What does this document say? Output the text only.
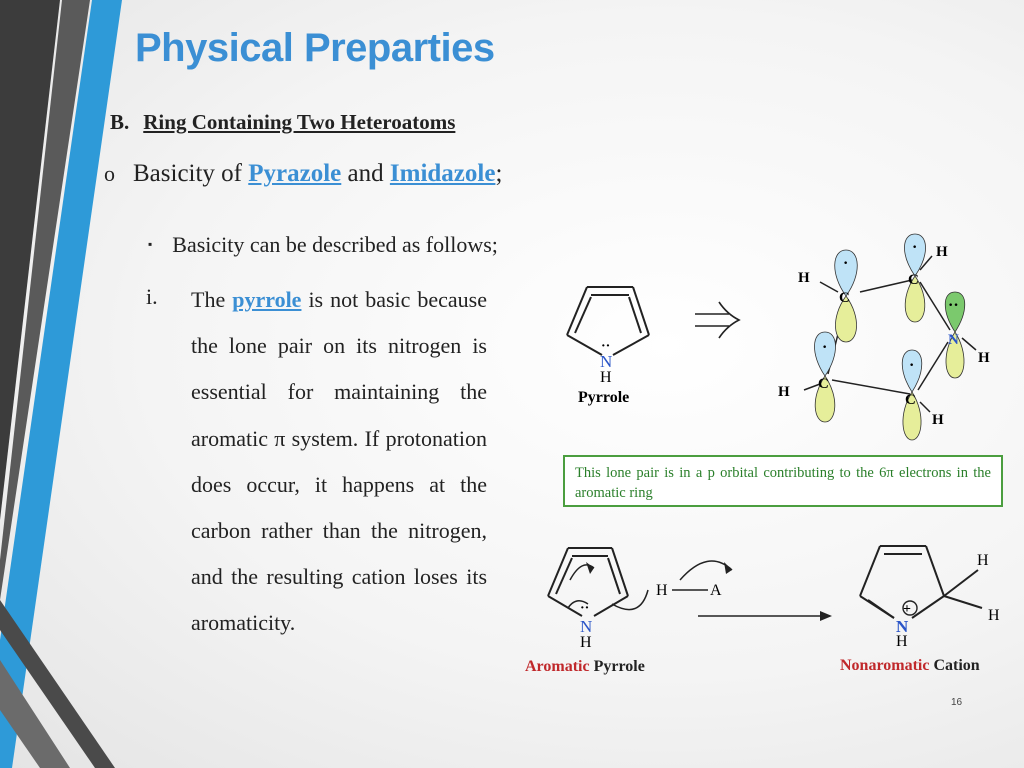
Physical Preparties
B. Ring Containing Two Heteroatoms
o Basicity of Pyrazole and Imidazole;
▪ Basicity can be described as follows;
i. The pyrrole is not basic because the lone pair on its nitrogen is essential for maintaining the aromatic π system. If protonation does occur, it happens at the carbon rather than the nitrogen, and the resulting cation loses its aromaticity.
··
N
H
Pyrrole
C
C
N
C
C
H
H
H
H
H
·
·
··
·
·
This lone pair is in a p orbital contributing to the 6π electrons in the aromatic ring
··
N
H
H	A
Aromatic Pyrrole
+
N
H
H
H
Nonaromatic Cation
16
